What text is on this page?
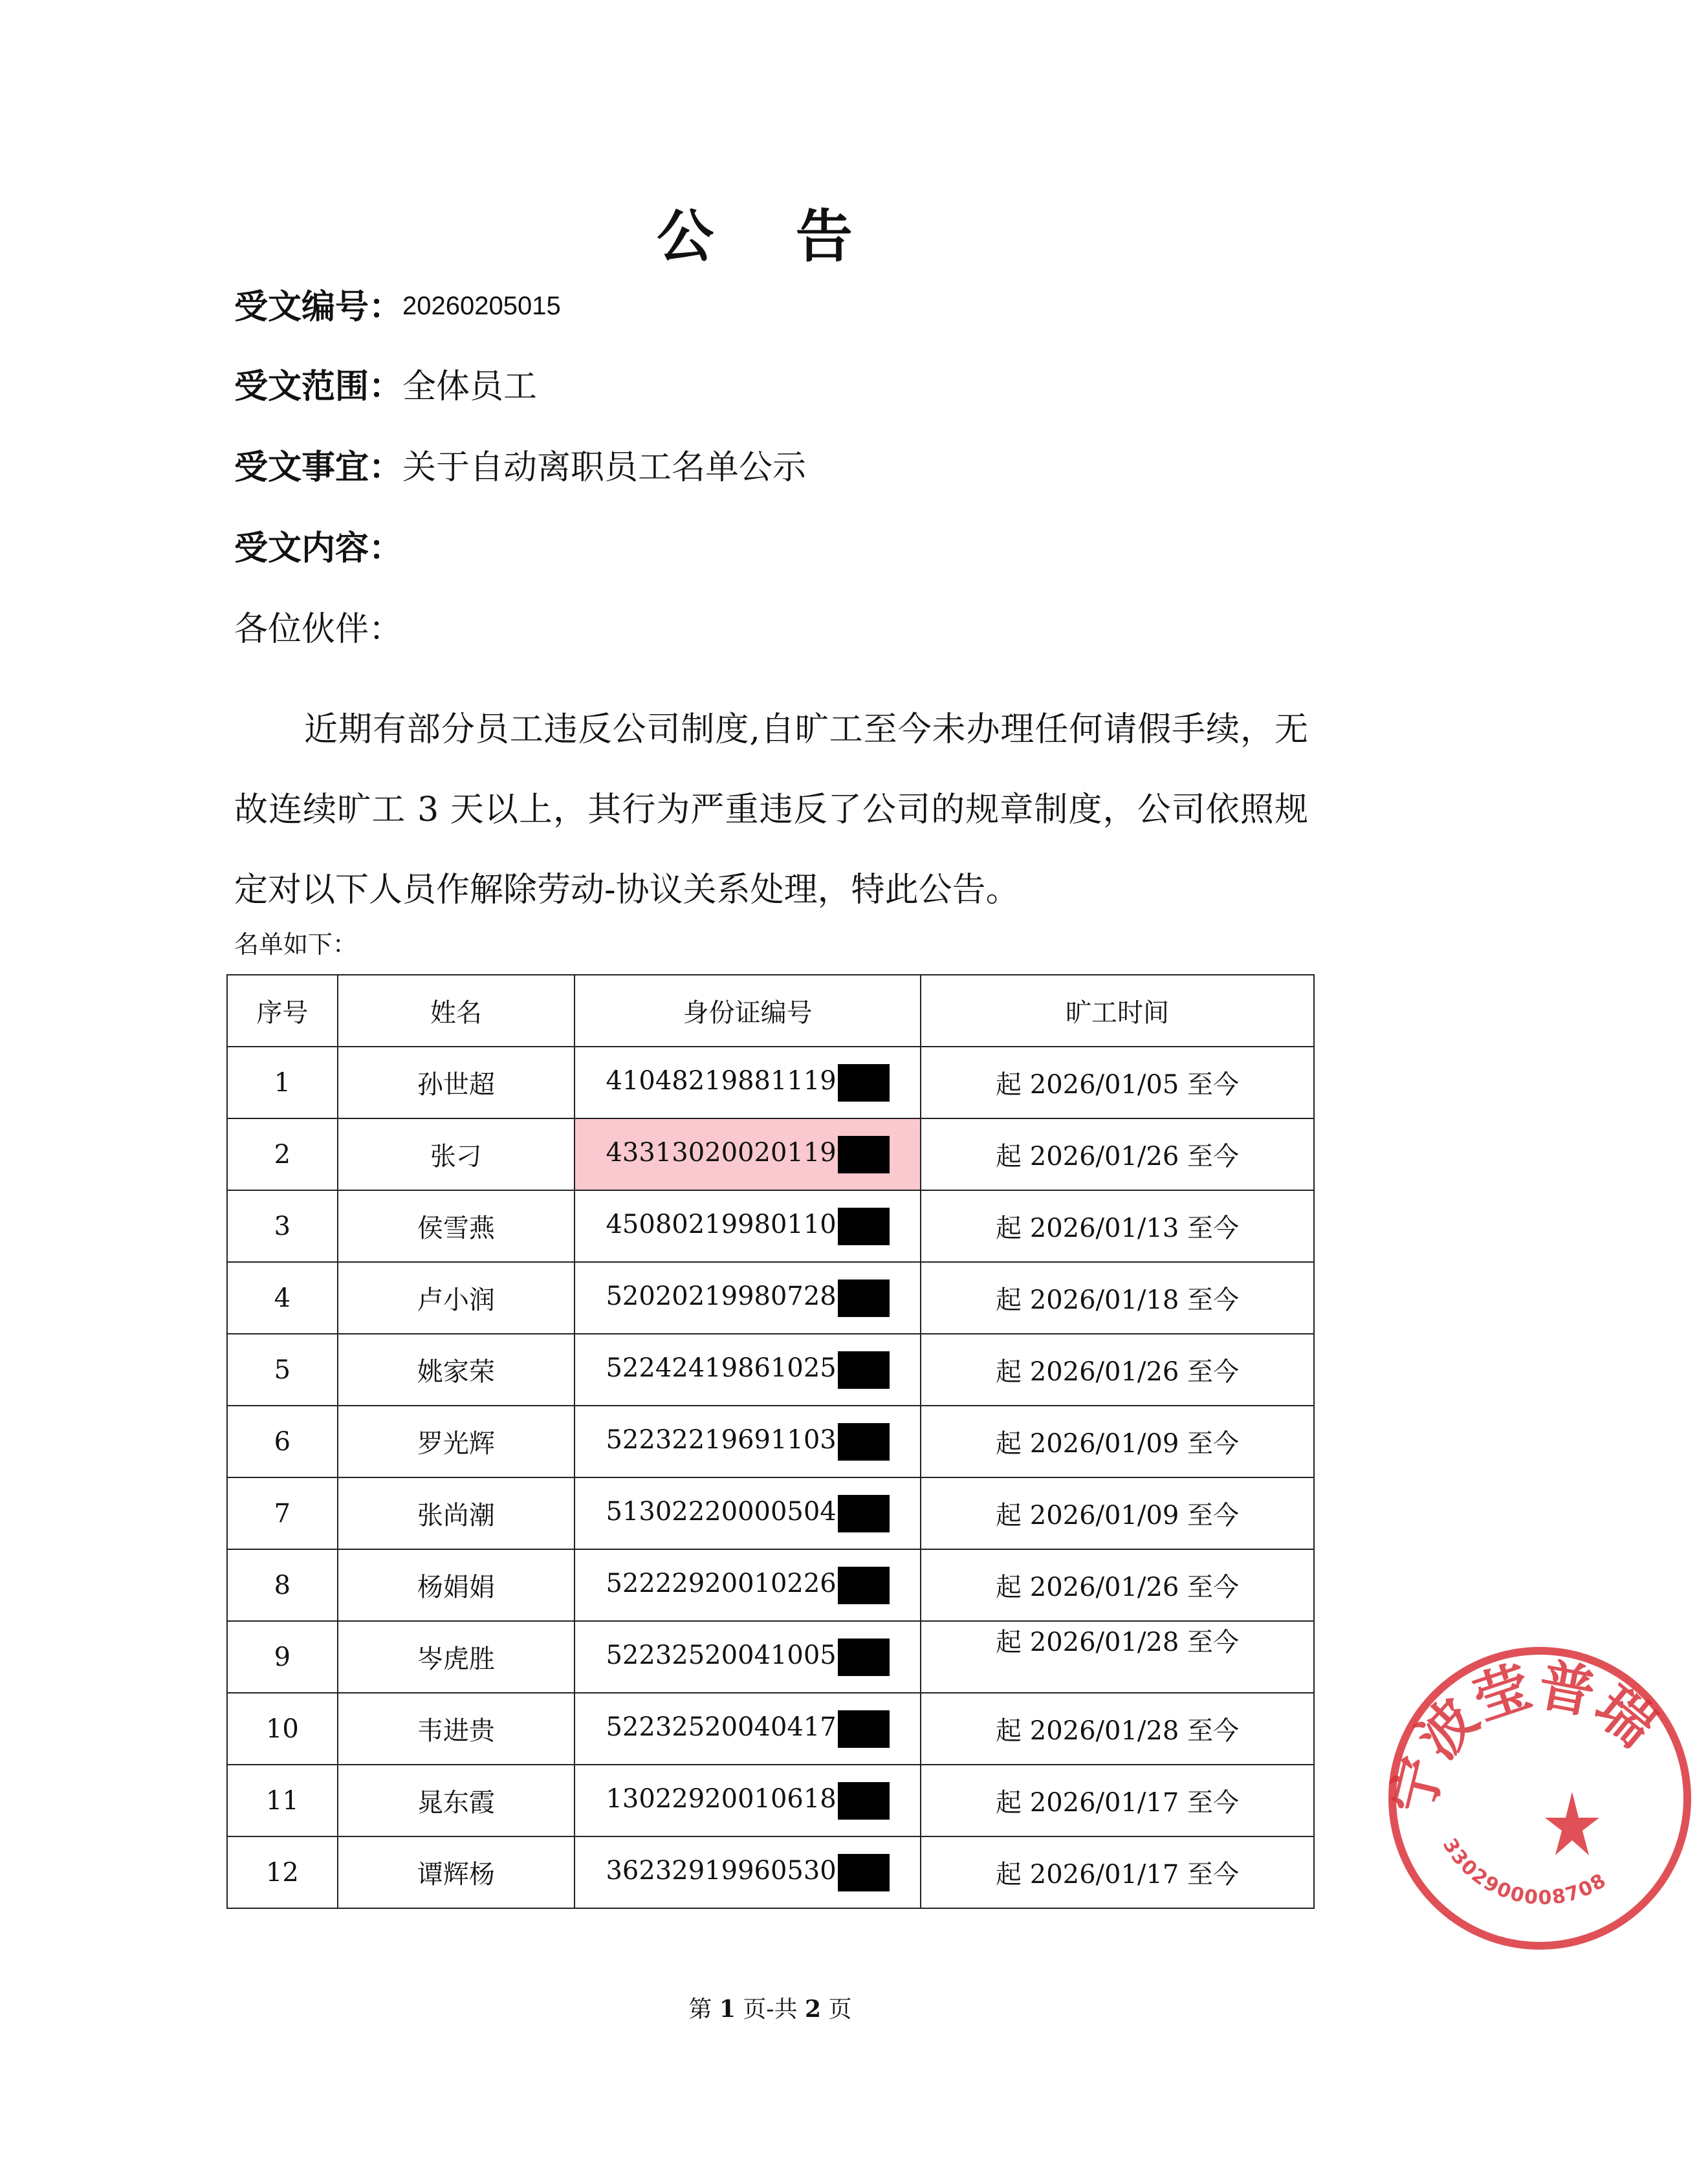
公 告
受文编号：20260205015
受文范围：全体员工
受文事宜：关于自动离职员工名单公示
受文内容：
各位伙伴：
近期有部分员工违反公司制度,自旷工至今未办理任何请假手续，无故连续旷工 3 天以上，其行为严重违反了公司的规章制度，公司依照规定对以下人员作解除劳动-协议关系处理，特此公告。
名单如下：
序号	姓名	身份证编号	旷工时间
1	孙世超	41048219881119	起 2026/01/05 至今
2	张刁	43313020020119	起 2026/01/26 至今
3	侯雪燕	45080219980110	起 2026/01/13 至今
4	卢小润	52020219980728	起 2026/01/18 至今
5	姚家荣	52242419861025	起 2026/01/26 至今
6	罗光辉	52232219691103	起 2026/01/09 至今
7	张尚潮	51302220000504	起 2026/01/09 至今
8	杨娟娟	52222920010226	起 2026/01/26 至今
9	岑虎胜	52232520041005	起 2026/01/28 至今
10	韦进贵	52232520040417	起 2026/01/28 至今
11	晁东霞	13022920010618	起 2026/01/17 至今
12	谭辉杨	36232919960530	起 2026/01/17 至今
第 1 页-共 2 页
宁波莹普瑞
3302900008708
